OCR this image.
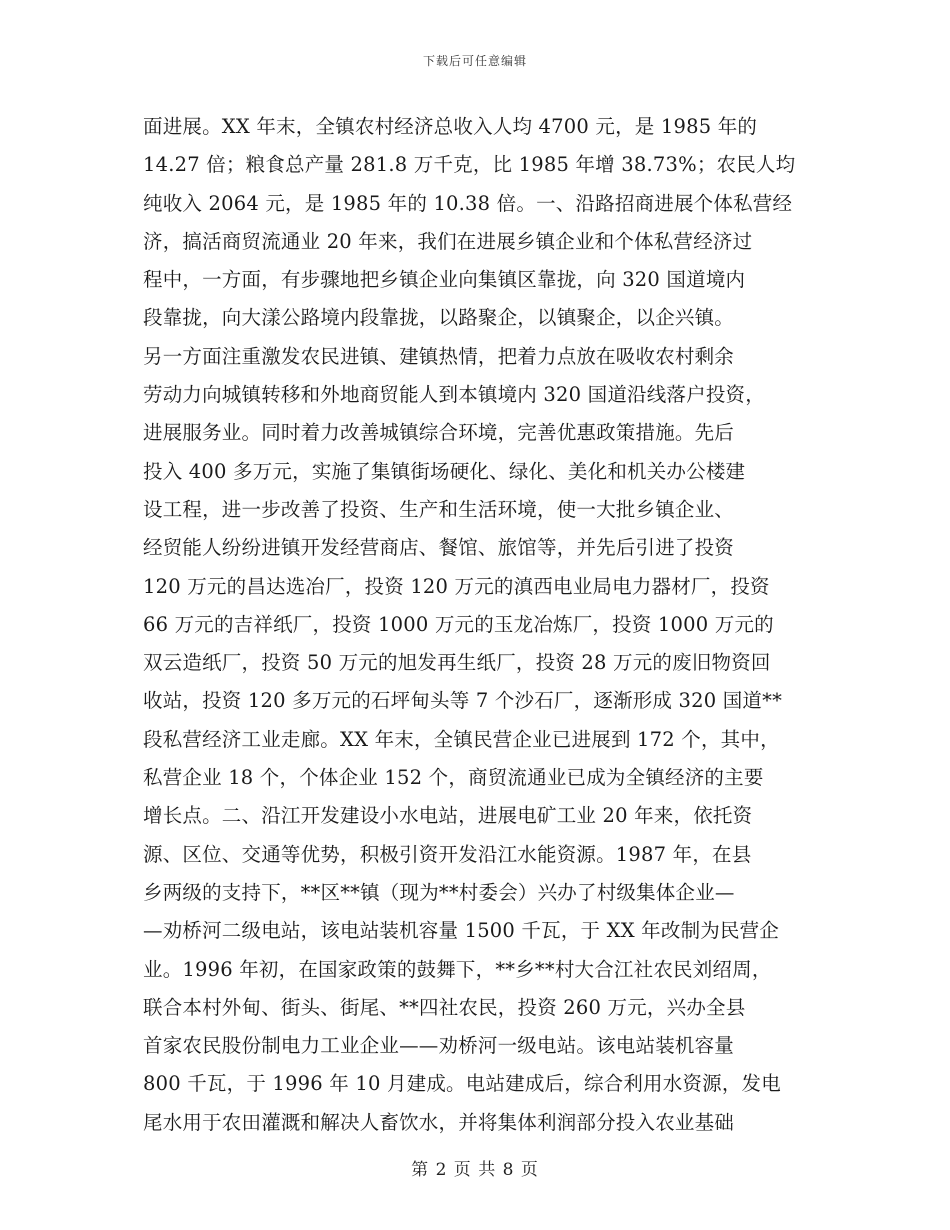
下载后可任意编辑
面进展。XX 年末，全镇农村经济总收入人均 4700 元，是 1985 年的
14.27 倍；粮食总产量 281.8 万千克，比 1985 年增 38.73%；农民人均
纯收入 2064 元，是 1985 年的 10.38 倍。一、沿路招商进展个体私营经
济，搞活商贸流通业 20 年来，我们在进展乡镇企业和个体私营经济过
程中，一方面，有步骤地把乡镇企业向集镇区靠拢，向 320 国道境内
段靠拢，向大漾公路境内段靠拢，以路聚企，以镇聚企，以企兴镇。
另一方面注重激发农民进镇、建镇热情，把着力点放在吸收农村剩余
劳动力向城镇转移和外地商贸能人到本镇境内 320 国道沿线落户投资，
进展服务业。同时着力改善城镇综合环境，完善优惠政策措施。先后
投入 400 多万元，实施了集镇街场硬化、绿化、美化和机关办公楼建
设工程，进一步改善了投资、生产和生活环境，使一大批乡镇企业、
经贸能人纷纷进镇开发经营商店、餐馆、旅馆等，并先后引进了投资
120 万元的昌达选冶厂，投资 120 万元的滇西电业局电力器材厂，投资
66 万元的吉祥纸厂，投资 1000 万元的玉龙冶炼厂，投资 1000 万元的
双云造纸厂，投资 50 万元的旭发再生纸厂，投资 28 万元的废旧物资回
收站，投资 120 多万元的石坪甸头等 7 个沙石厂，逐渐形成 320 国道**
段私营经济工业走廊。XX 年末，全镇民营企业已进展到 172 个，其中，
私营企业 18 个，个体企业 152 个，商贸流通业已成为全镇经济的主要
增长点。二、沿江开发建设小水电站，进展电矿工业 20 年来，依托资
源、区位、交通等优势，积极引资开发沿江水能资源。1987 年，在县
乡两级的支持下，**区**镇（现为**村委会）兴办了村级集体企业—
—劝桥河二级电站，该电站装机容量 1500 千瓦，于 XX 年改制为民营企
业。1996 年初，在国家政策的鼓舞下，**乡**村大合江社农民刘绍周，
联合本村外甸、街头、街尾、**四社农民，投资 260 万元，兴办全县
首家农民股份制电力工业企业——劝桥河一级电站。该电站装机容量
800 千瓦，于 1996 年 10 月建成。电站建成后，综合利用水资源，发电
尾水用于农田灌溉和解决人畜饮水，并将集体利润部分投入农业基础
第 2 页 共 8 页
